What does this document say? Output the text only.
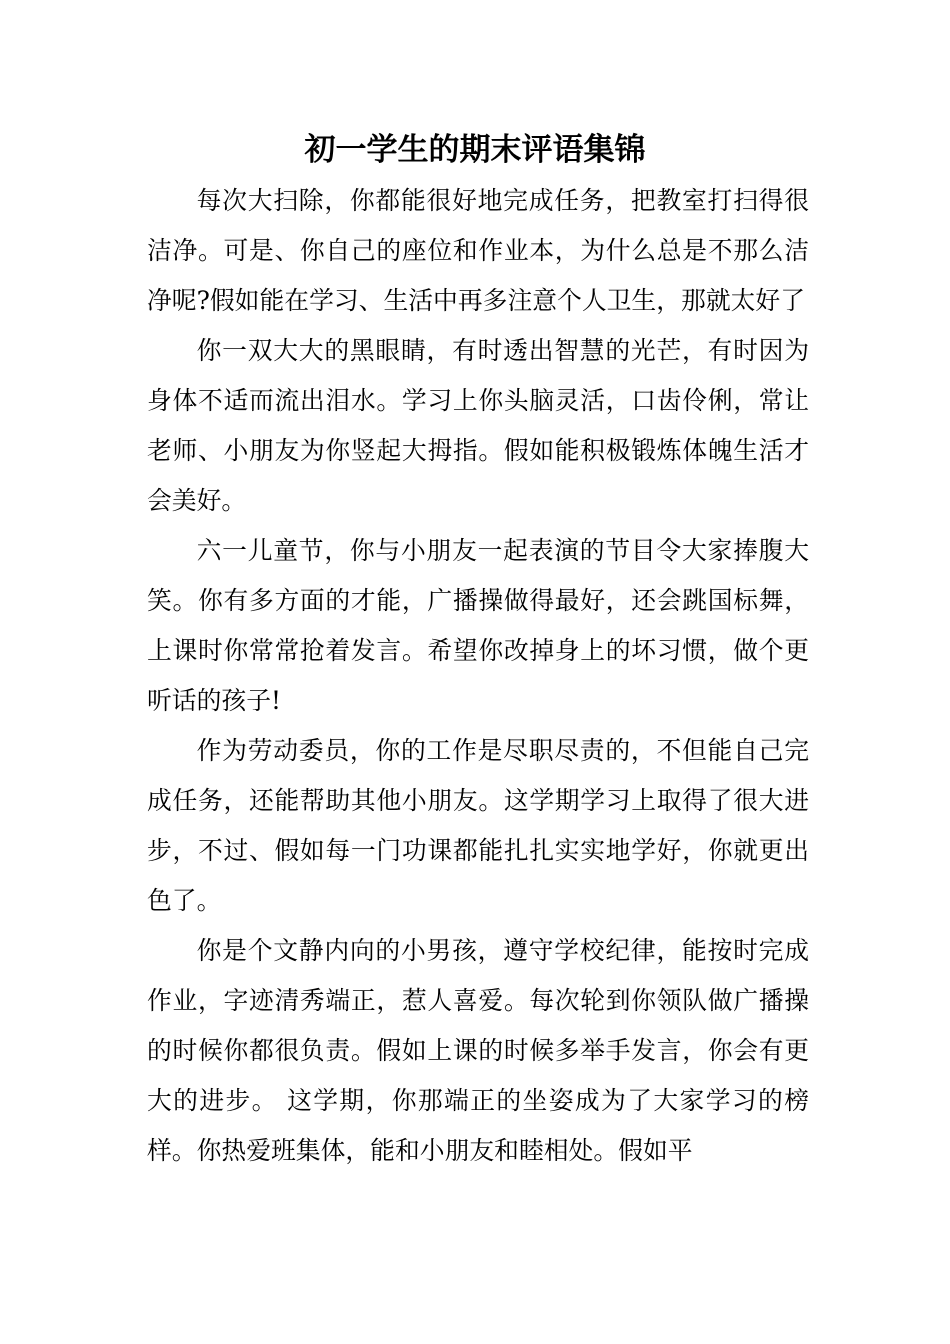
初一学生的期末评语集锦

每次大扫除，你都能很好地完成任务，把教室打扫得很洁净。可是、你自己的座位和作业本，为什么总是不那么洁净呢?假如能在学习、生活中再多注意个人卫生，那就太好了

你一双大大的黑眼睛，有时透出智慧的光芒，有时因为身体不适而流出泪水。学习上你头脑灵活，口齿伶俐，常让老师、小朋友为你竖起大拇指。假如能积极锻炼体魄生活才会美好。

六一儿童节，你与小朋友一起表演的节目令大家捧腹大笑。你有多方面的才能，广播操做得最好，还会跳国标舞，上课时你常常抢着发言。希望你改掉身上的坏习惯，做个更听话的孩子!

作为劳动委员，你的工作是尽职尽责的，不但能自己完成任务，还能帮助其他小朋友。这学期学习上取得了很大进步，不过、假如每一门功课都能扎扎实实地学好，你就更出色了。

你是个文静内向的小男孩，遵守学校纪律，能按时完成作业，字迹清秀端正，惹人喜爱。每次轮到你领队做广播操的时候你都很负责。假如上课的时候多举手发言，你会有更大的进步。 这学期，你那端正的坐姿成为了大家学习的榜样。你热爱班集体，能和小朋友和睦相处。假如平
